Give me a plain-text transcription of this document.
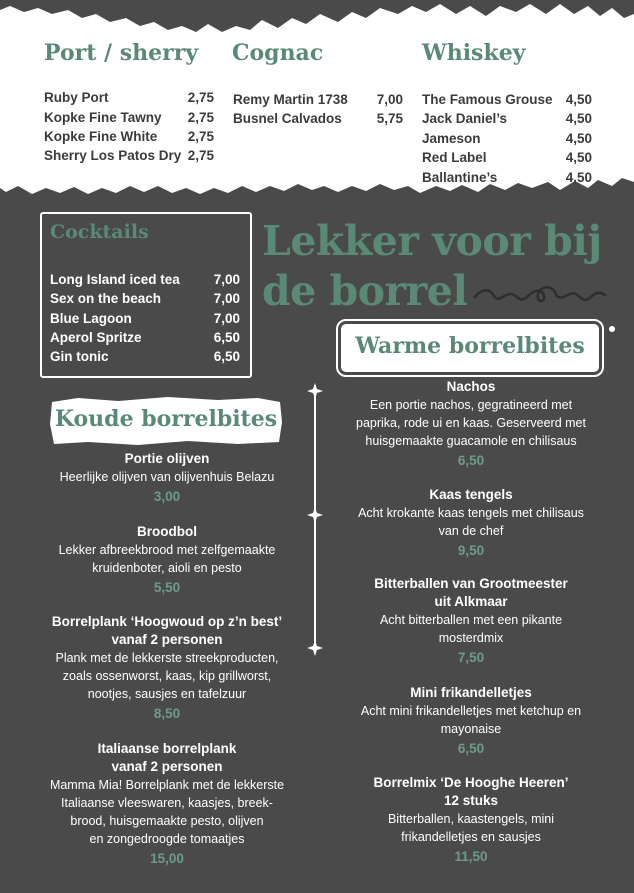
Port / sherry
Ruby Port	2,75
Kopke Fine Tawny 2,75
Kopke Fine White 2,75
Sherry Los Patos Dry 2,75
Cognac
Remy Martin 1738 7,00
Busnel Calvados	5,75
Whiskey
The Famous Grouse 4,50
Jack Daniel’s	4,50
Jameson	4,50
Red Label	4,50
Ballantine’s	4,50
Cocktails
Long Island iced tea	7,00
Sex on the beach	7,00
Blue Lagoon	7,00
Aperol Spritze	6,50
Gin tonic	6,50
Lekker voor bij
de borrel
Warme borrelbites
Koude borrelbites
Nachos
Een portie nachos, gegratineerd met
paprika, rode ui en kaas. Geserveerd met
huisgemaakte guacamole en chilisaus
6,50
Kaas tengels
Acht krokante kaas tengels met chilisaus
van de chef
9,50
Bitterballen van Grootmeester
uit Alkmaar
Acht bitterballen met een pikante
mosterdmix
7,50
Mini frikandelletjes
Acht mini frikandelletjes met ketchup en
mayonaise
6,50
Borrelmix ‘De Hooghe Heeren’
12 stuks
Bitterballen, kaastengels, mini
frikandelletjes en sausjes
11,50
Portie olijven
Heerlijke olijven van olijvenhuis Belazu
3,00
Broodbol
Lekker afbreekbrood met zelfgemaakte
kruidenboter, aioli en pesto
5,50
Borrelplank ‘Hoogwoud op z’n best’
vanaf 2 personen
Plank met de lekkerste streekproducten,
zoals ossenworst, kaas, kip grillworst,
nootjes, sausjes en tafelzuur
8,50
Italiaanse borrelplank
vanaf 2 personen
Mamma Mia! Borrelplank met de lekkerste
Italiaanse vleeswaren, kaasjes, breek-
brood, huisgemaakte pesto, olijven
en zongedroogde tomaatjes
15,00
